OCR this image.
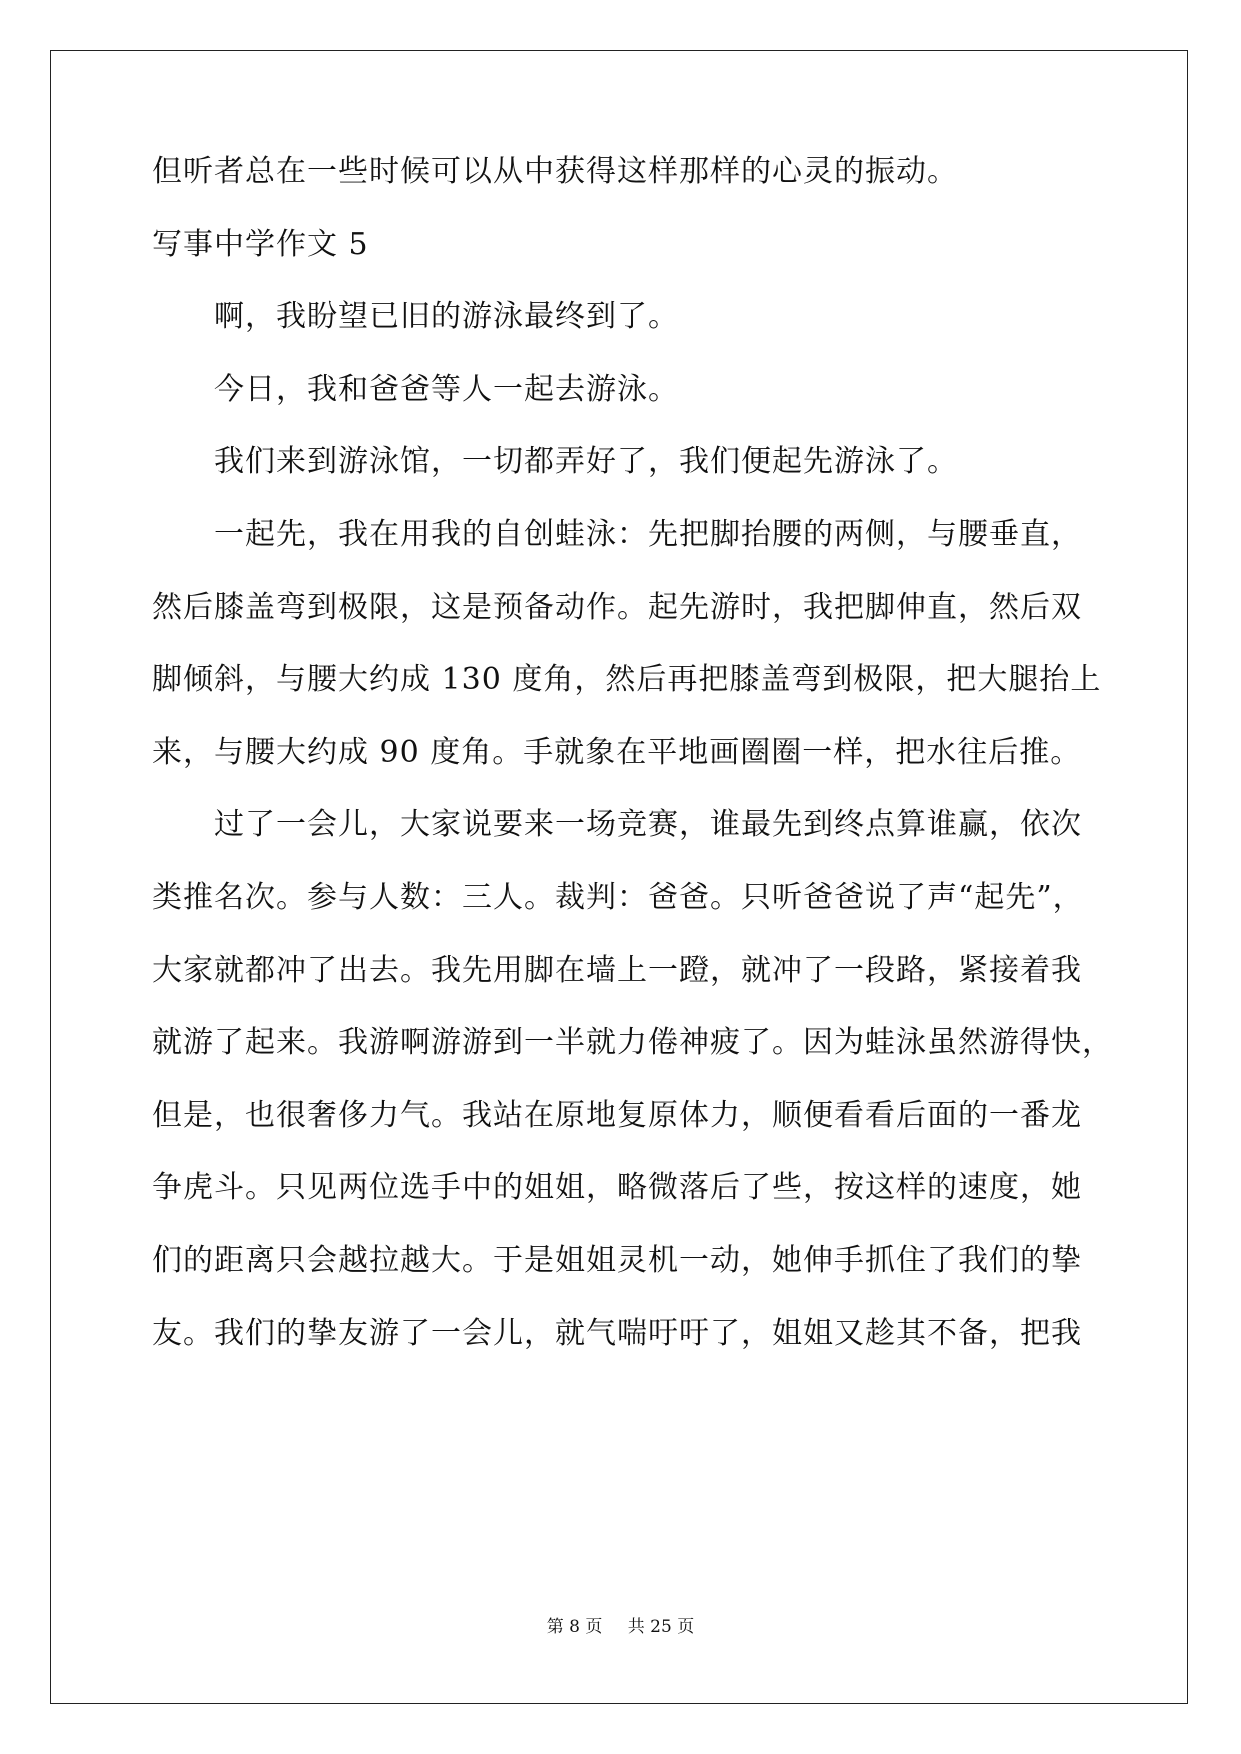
但听者总在一些时候可以从中获得这样那样的心灵的振动。
写事中学作文 5
啊，我盼望已旧的游泳最终到了。
今日，我和爸爸等人一起去游泳。
我们来到游泳馆，一切都弄好了，我们便起先游泳了。
一起先，我在用我的自创蛙泳：先把脚抬腰的两侧，与腰垂直，
然后膝盖弯到极限，这是预备动作。起先游时，我把脚伸直，然后双
脚倾斜，与腰大约成 130 度角，然后再把膝盖弯到极限，把大腿抬上
来，与腰大约成 90 度角。手就象在平地画圈圈一样，把水往后推。
过了一会儿，大家说要来一场竞赛，谁最先到终点算谁赢，依次
类推名次。参与人数：三人。裁判：爸爸。只听爸爸说了声“起先”，
大家就都冲了出去。我先用脚在墙上一蹬，就冲了一段路，紧接着我
就游了起来。我游啊游游到一半就力倦神疲了。因为蛙泳虽然游得快，
但是，也很奢侈力气。我站在原地复原体力，顺便看看后面的一番龙
争虎斗。只见两位选手中的姐姐，略微落后了些，按这样的速度，她
们的距离只会越拉越大。于是姐姐灵机一动，她伸手抓住了我们的挚
友。我们的挚友游了一会儿，就气喘吁吁了，姐姐又趁其不备，把我
第 8 页 共 25 页
